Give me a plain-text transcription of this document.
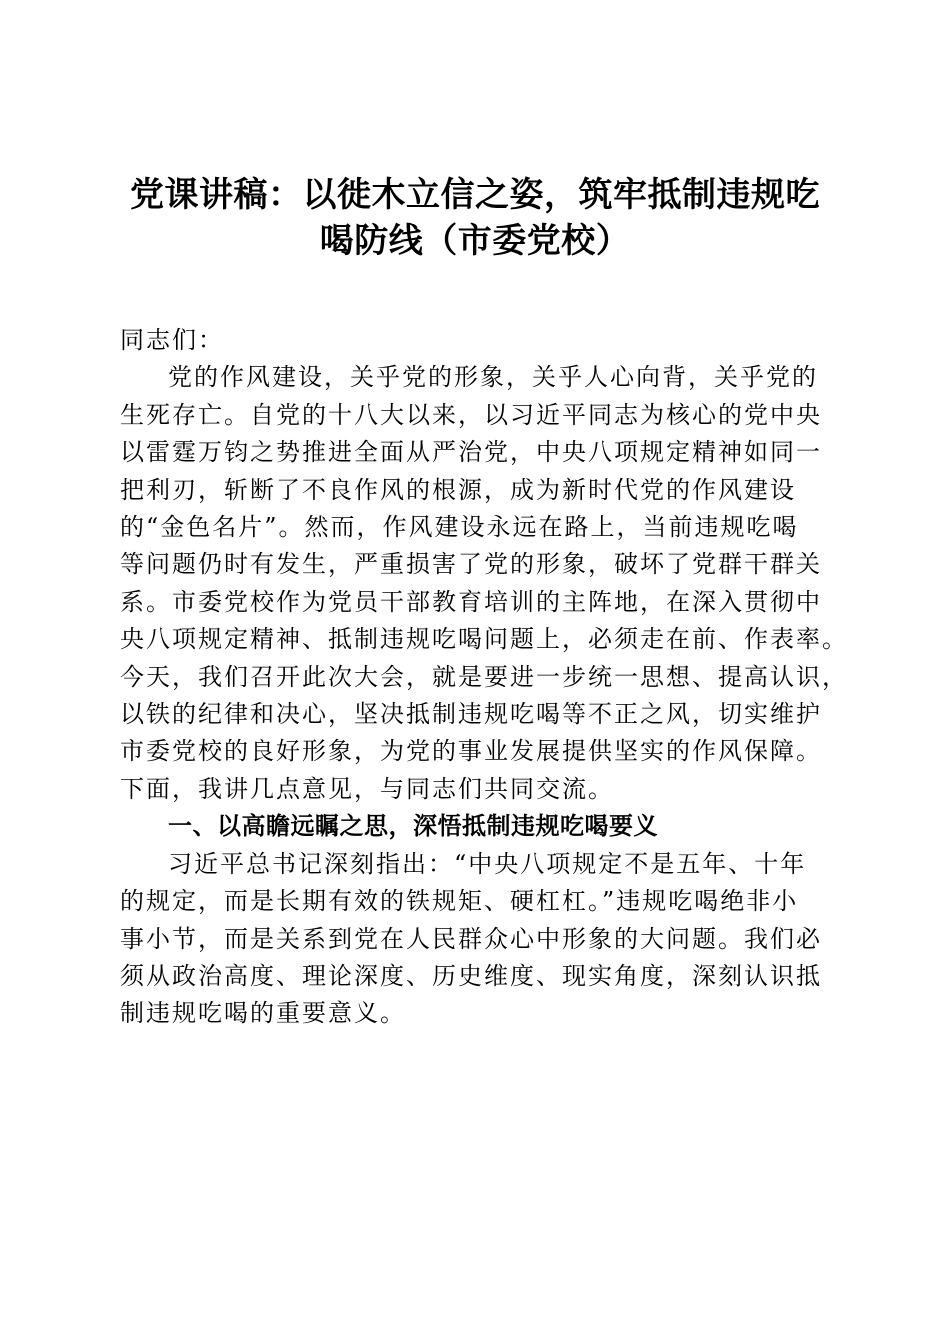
党课讲稿：以徙木立信之姿，筑牢抵制违规吃
喝防线（市委党校）

同志们：

党的作风建设，关乎党的形象，关乎人心向背，关乎党的
生死存亡。自党的十八大以来，以习近平同志为核心的党中央
以雷霆万钧之势推进全面从严治党，中央八项规定精神如同一
把利刃，斩断了不良作风的根源，成为新时代党的作风建设
的“金色名片”。然而，作风建设永远在路上，当前违规吃喝
等问题仍时有发生，严重损害了党的形象，破坏了党群干群关
系。市委党校作为党员干部教育培训的主阵地，在深入贯彻中
央八项规定精神、抵制违规吃喝问题上，必须走在前、作表率。
今天，我们召开此次大会，就是要进一步统一思想、提高认识，
以铁的纪律和决心，坚决抵制违规吃喝等不正之风，切实维护
市委党校的良好形象，为党的事业发展提供坚实的作风保障。
下面，我讲几点意见，与同志们共同交流。

一、以高瞻远瞩之思，深悟抵制违规吃喝要义

习近平总书记深刻指出：“中央八项规定不是五年、十年
的规定，而是长期有效的铁规矩、硬杠杠。”违规吃喝绝非小
事小节，而是关系到党在人民群众心中形象的大问题。我们必
须从政治高度、理论深度、历史维度、现实角度，深刻认识抵
制违规吃喝的重要意义。
